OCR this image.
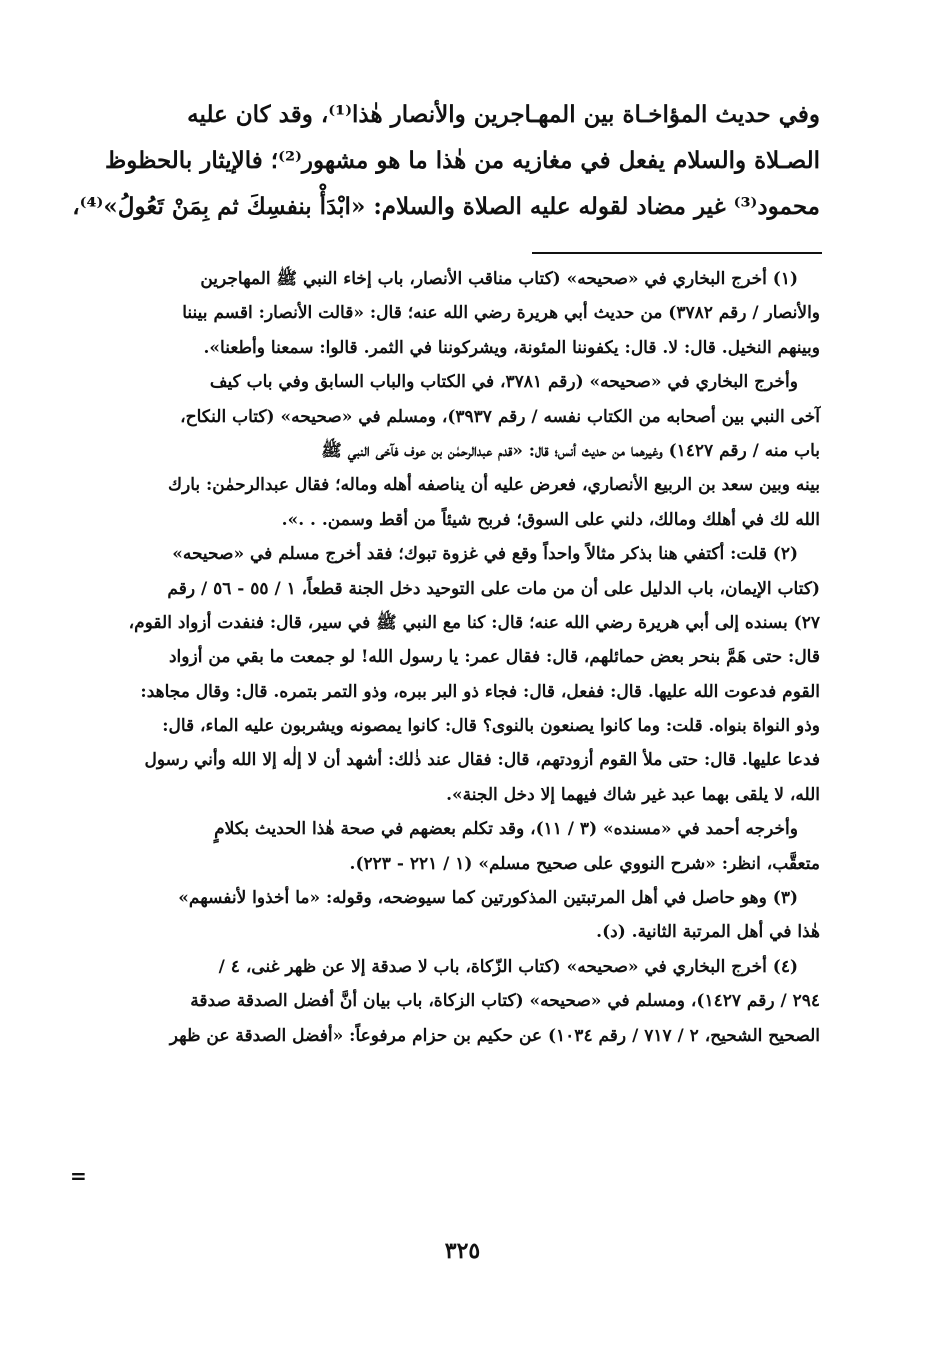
وفي حديث المؤاخـاة بين المهـاجرين والأنصار هٰذا⁽¹⁾، وقد كان عليه
الصـلاة والسلام يفعل في مغازيه من هٰذا ما هو مشهور⁽²⁾؛ فالإيثار بالحظوظ
محمود⁽³⁾ غير مضاد لقوله عليه الصلاة والسلام: «ابْدَأْ بنفسِكَ ثم بِمَنْ تَعُولُ»⁽⁴⁾،
(١) أخرج البخاري في «صحيحه» (كتاب مناقب الأنصار، باب إخاء النبي ﷺ المهاجرين
والأنصار / رقم ٣٧٨٢) من حديث أبي هريرة رضي الله عنه؛ قال: «قالت الأنصار: اقسم بيننا
وبينهم النخيل. قال: لا. قال: يكفوننا المئونة، ويشركوننا في الثمر. قالوا: سمعنا وأطعنا».
وأخرج البخاري في «صحيحه» (رقم ٣٧٨١، في الكتاب والباب السابق وفي باب كيف
آخى النبي بين أصحابه من الكتاب نفسه / رقم ٣٩٣٧)، ومسلم في «صحيحه» (كتاب النكاح،
باب منه / رقم ١٤٢٧) وغيرهما من حديث أنس؛ قال: «قدم عبدالرحمٰن بن عوف فآخى النبي ﷺ
بينه وبين سعد بن الربيع الأنصاري، فعرض عليه أن يناصفه أهله وماله؛ فقال عبدالرحمٰن: بارك
الله لك في أهلك ومالك، دلني على السوق؛ فربح شيئاً من أقط وسمن. . .».
(٢) قلت: أكتفي هنا بذكر مثالاً واحداً وقع في غزوة تبوك؛ فقد أخرج مسلم في «صحيحه»
(كتاب الإيمان، باب الدليل على أن من مات على التوحيد دخل الجنة قطعاً، ١ / ٥٥ - ٥٦ / رقم
٢٧) بسنده إلى أبي هريرة رضي الله عنه؛ قال: كنا مع النبي ﷺ في سير، قال: فنفدت أزواد القوم،
قال: حتى هَمَّ بنحر بعض حمائلهم، قال: فقال عمر: يا رسول الله! لو جمعت ما بقي من أزواد
القوم فدعوت الله عليها. قال: ففعل، قال: فجاء ذو البر ببره، وذو التمر بتمره. قال: وقال مجاهد:
وذو النواة بنواه. قلت: وما كانوا يصنعون بالنوى؟ قال: كانوا يمصونه ويشربون عليه الماء، قال:
فدعا عليها. قال: حتى ملأ القوم أزودتهم، قال: فقال عند ذٰلك: أشهد أن لا إلٰه إلا الله وأني رسول
الله، لا يلقى بهما عبد غير شاك فيهما إلا دخل الجنة».
وأخرجه أحمد في «مسنده» (٣ / ١١)، وقد تكلم بعضهم في صحة هٰذا الحديث بكلامٍ
متعقَّب، انظر: «شرح النووي على صحيح مسلم» (١ / ٢٢١ - ٢٢٣).
(٣) وهو حاصل في أهل المرتبتين المذكورتين كما سيوضحه، وقوله: «ما أخذوا لأنفسهم»
هٰذا في أهل المرتبة الثانية. (د).
(٤) أخرج البخاري في «صحيحه» (كتاب الزّكاة، باب لا صدقة إلا عن ظهر غنى، ٤ /
٢٩٤ / رقم ١٤٢٧)، ومسلم في «صحيحه» (كتاب الزكاة، باب بيان أنَّ أفضل الصدقة صدقة
الصحيح الشحيح، ٢ / ٧١٧ / رقم ١٠٣٤) عن حكيم بن حزام مرفوعاً: «أفضل الصدقة عن ظهر
=
٣٢٥
